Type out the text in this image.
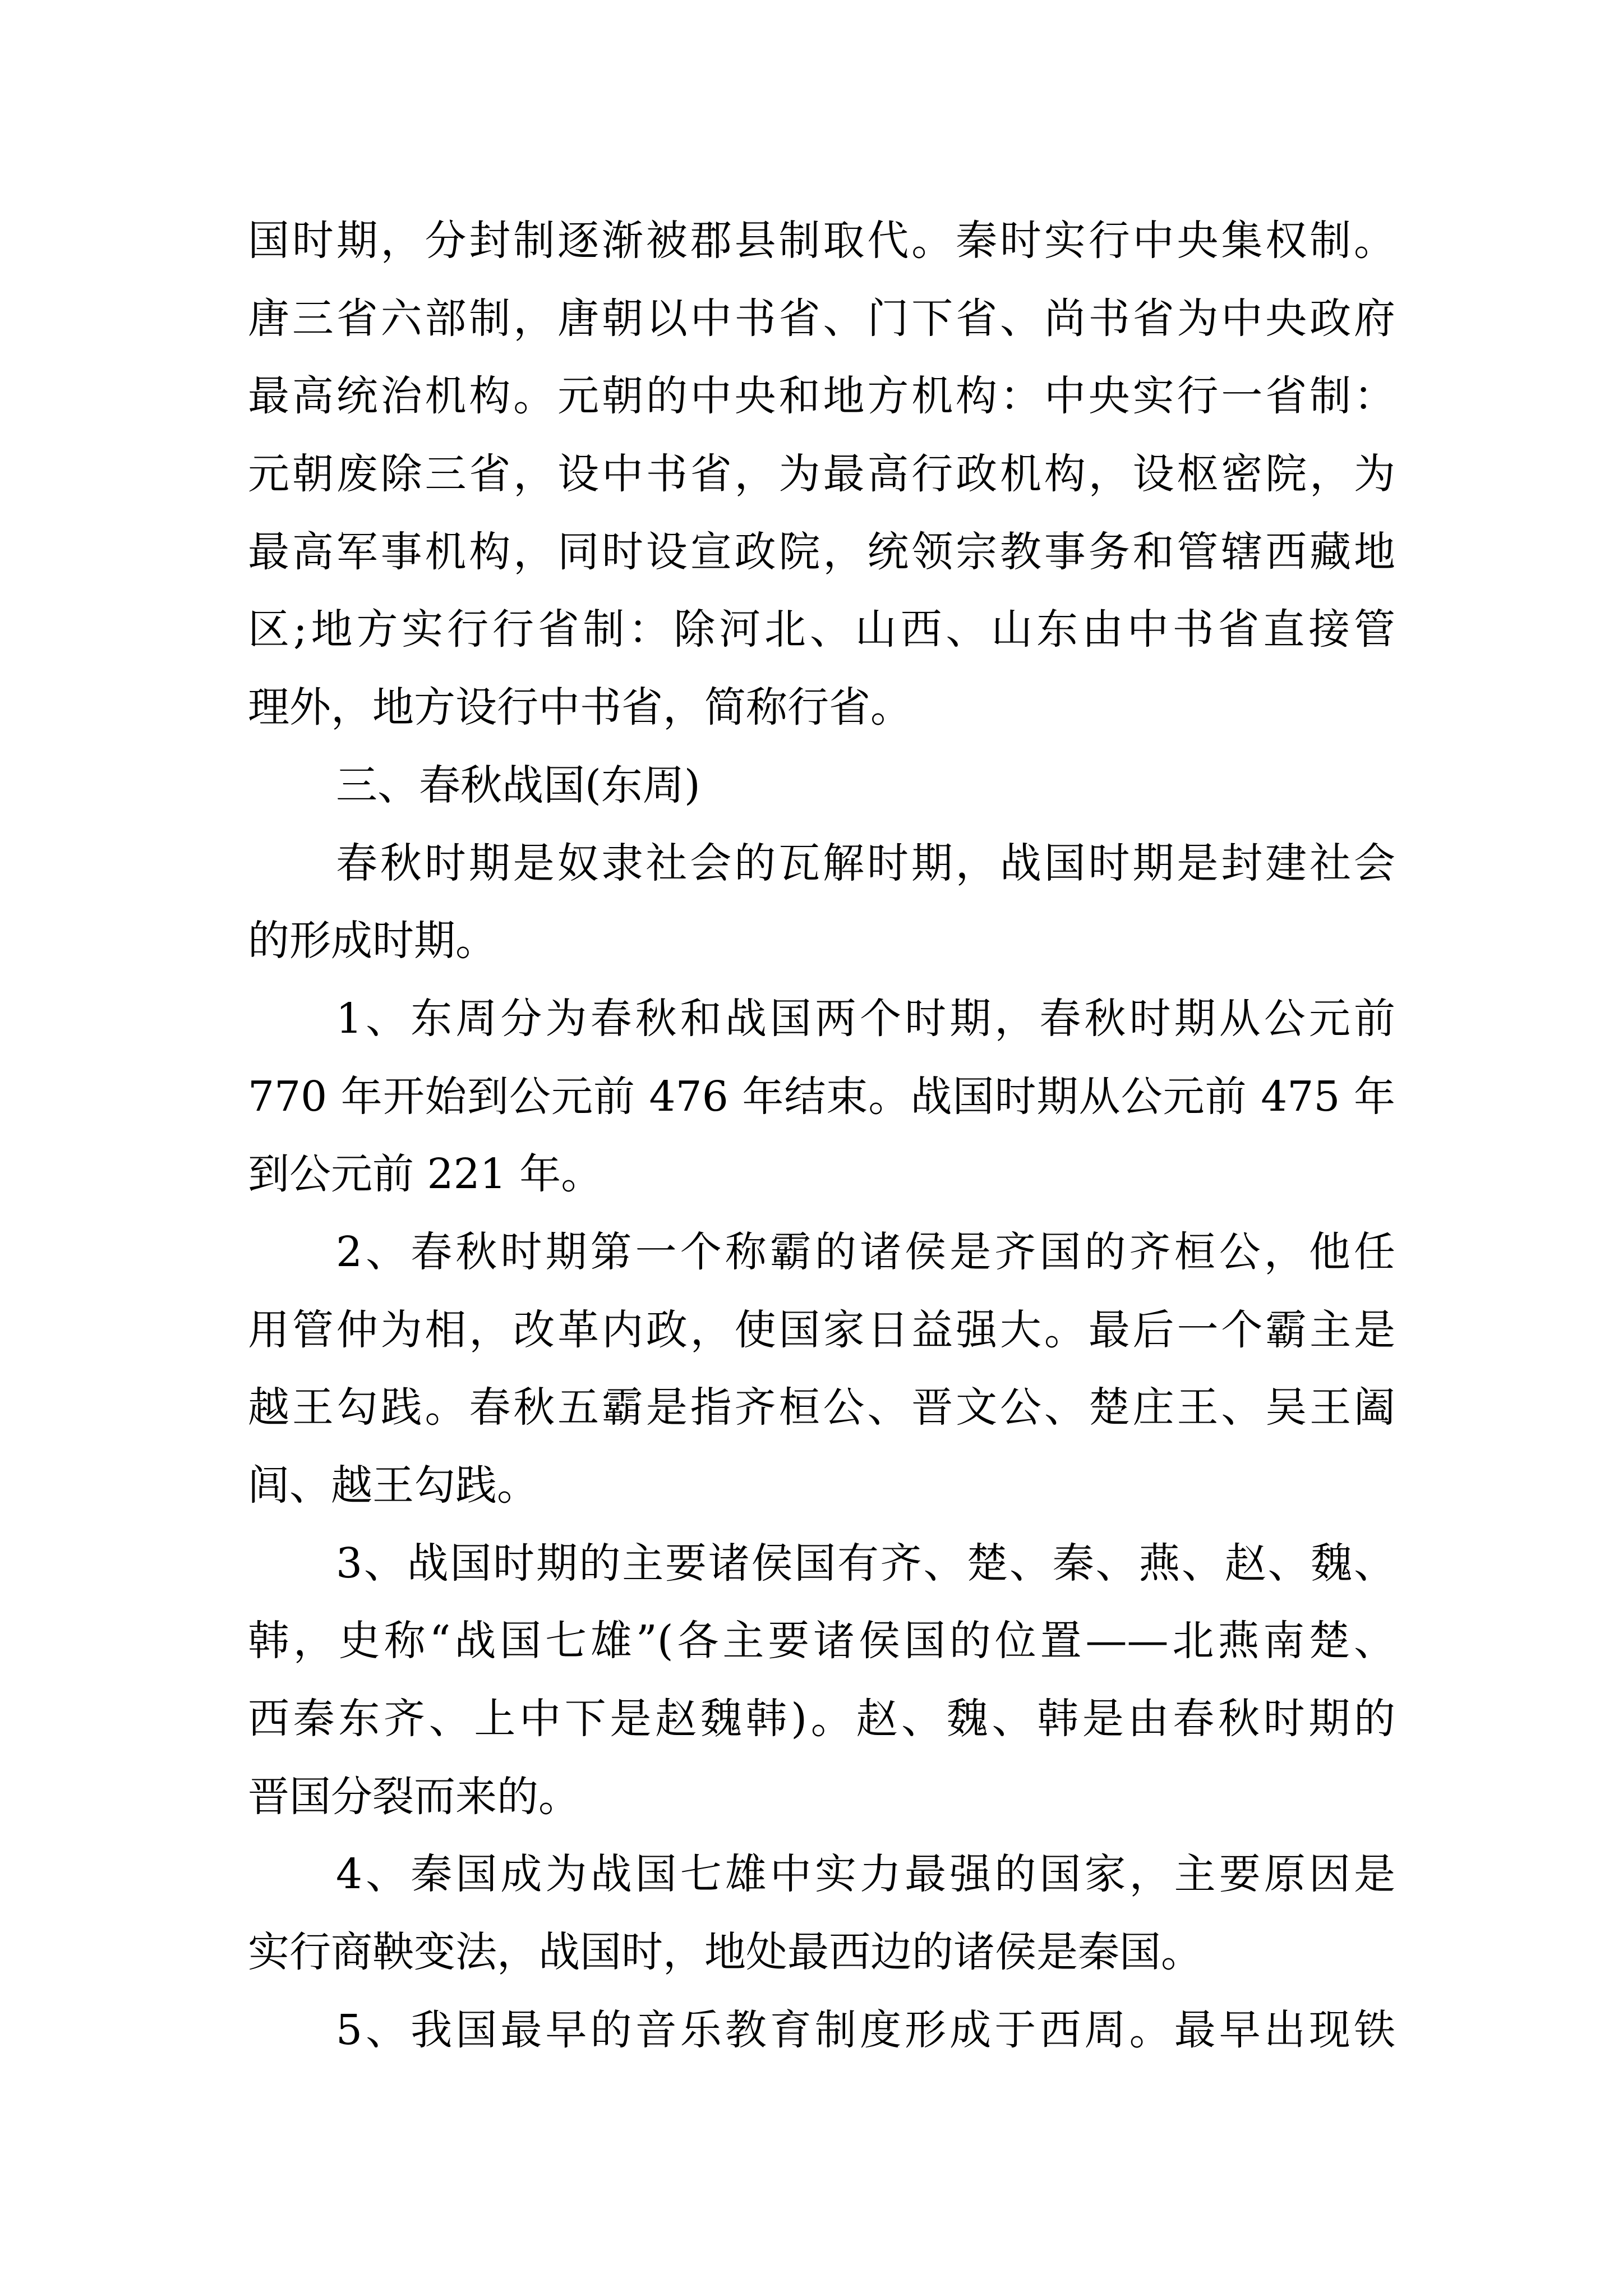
国时期，分封制逐渐被郡县制取代。秦时实行中央集权制。
唐三省六部制，唐朝以中书省、门下省、尚书省为中央政府
最高统治机构。元朝的中央和地方机构：中央实行一省制：
元朝废除三省，设中书省，为最高行政机构，设枢密院，为
最高军事机构，同时设宣政院，统领宗教事务和管辖西藏地
区;地方实行行省制：除河北、山西、山东由中书省直接管
理外，地方设行中书省，简称行省。
三、春秋战国(东周)
春秋时期是奴隶社会的瓦解时期，战国时期是封建社会
的形成时期。
1、东周分为春秋和战国两个时期，春秋时期从公元前
770 年开始到公元前 476 年结束。战国时期从公元前 475 年
到公元前 221 年。
2、春秋时期第一个称霸的诸侯是齐国的齐桓公，他任
用管仲为相，改革内政，使国家日益强大。最后一个霸主是
越王勾践。春秋五霸是指齐桓公、晋文公、楚庄王、吴王阖
闾、越王勾践。
3、战国时期的主要诸侯国有齐、楚、秦、燕、赵、魏、
韩，史称“战国七雄”(各主要诸侯国的位置——北燕南楚、
西秦东齐、上中下是赵魏韩)。赵、魏、韩是由春秋时期的
晋国分裂而来的。
4、秦国成为战国七雄中实力最强的国家，主要原因是
实行商鞅变法，战国时，地处最西边的诸侯是秦国。
5、我国最早的音乐教育制度形成于西周。最早出现铁
